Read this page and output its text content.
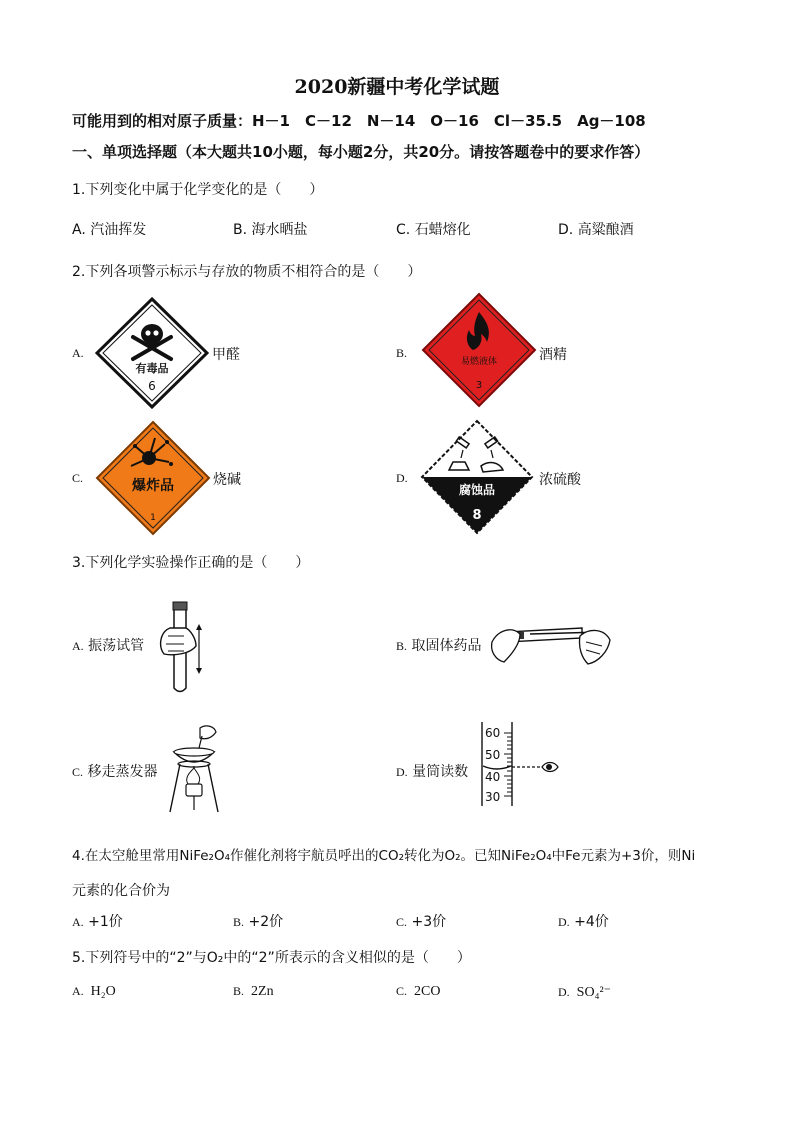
2020新疆中考化学试题
可能用到的相对原子质量：H－1　C－12　N－14　O－16　Cl－35.5　Ag－108
一、单项选择题（本大题共10小题，每小题2分，共20分。请按答题卷中的要求作答）
1.下列变化中属于化学变化的是（　　）
A. 汽油挥发	B. 海水晒盐	C. 石蜡熔化	D. 高粱酿酒
2.下列各项警示标示与存放的物质不相符合的是（　　）
A.
有毒品
6
甲醛	B.
易燃液体
3
酒精
C.	爆炸品
1
烧碱	D.
腐蚀品
8
浓硫酸
3.下列化学实验操作正确的是（　　）
A. 振荡试管	B. 取固体药品
C. 移走蒸发器	D. 量筒读数
60
50
40
30
4.在太空舱里常用NiFe₂O₄作催化剂将宇航员呼出的CO₂转化为O₂。已知NiFe₂O₄中Fe元素为+3价，则Ni
元素的化合价为
A. +1价	B. +2价	C. +3价	D. +4价
5.下列符号中的“2”与O₂中的“2”所表示的含义相似的是（　　）
A. H₂O	B. 2Zn	C. 2CO	D. SO₄²⁻
